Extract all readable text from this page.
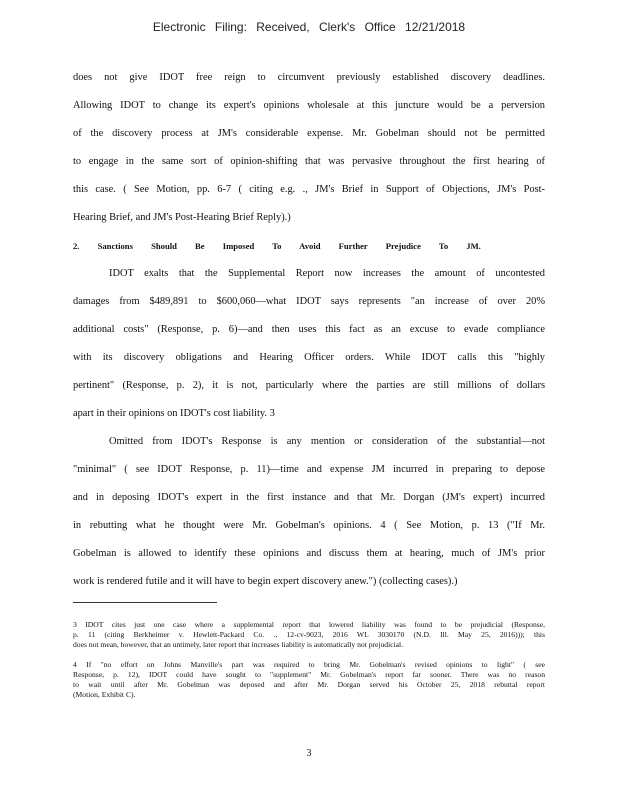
Electronic Filing: Received, Clerk's Office 12/21/2018
does not give IDOT free reign to circumvent previously established discovery deadlines.
Allowing IDOT to change its expert's opinions wholesale at this juncture would be a perversion
of the discovery process at JM's considerable expense. Mr. Gobelman should not be permitted
to engage in the same sort of opinion-shifting that was pervasive throughout the first hearing of
this case. ( See Motion, pp. 6-7 ( citing e.g. ., JM's Brief in Support of Objections, JM's Post-
Hearing Brief, and JM's Post-Hearing Brief Reply).)
2. Sanctions Should Be Imposed To Avoid Further Prejudice To JM.
IDOT exalts that the Supplemental Report now increases the amount of uncontested
damages from $489,891 to $600,060—what IDOT says represents "an increase of over 20%
additional costs" (Response, p. 6)—and then uses this fact as an excuse to evade compliance
with its discovery obligations and Hearing Officer orders. While IDOT calls this "highly
pertinent" (Response, p. 2), it is not, particularly where the parties are still millions of dollars
apart in their opinions on IDOT's cost liability. 3
Omitted from IDOT's Response is any mention or consideration of the substantial—not
"minimal" ( see IDOT Response, p. 11)—time and expense JM incurred in preparing to depose
and in deposing IDOT's expert in the first instance and that Mr. Dorgan (JM's expert) incurred
in rebutting what he thought were Mr. Gobelman's opinions. 4 ( See Motion, p. 13 ("If Mr.
Gobelman is allowed to identify these opinions and discuss them at hearing, much of JM's prior
work is rendered futile and it will have to begin expert discovery anew.") (collecting cases).)
3 IDOT cites just one case where a supplemental report that lowered liability was found to be prejudicial (Response,
p. 11 (citing Berkheimer v. Hewlett-Packard Co. ., 12-cv-9023, 2016 WL 3030170 (N.D. Ill. May 25, 2016))); this
does not mean, however, that an untimely, later report that increases liability is automatically not prejudicial.
4 If "no effort on Johns Manville's part was required to bring Mr. Gobelman's revised opinions to light" ( see
Response, p. 12), IDOT could have sought to "supplement" Mr. Gobelman's report far sooner. There was no reason
to wait until after Mr. Gobelman was deposed and after Mr. Dorgan served his October 25, 2018 rebuttal report
(Motion, Exhibit C).
3
